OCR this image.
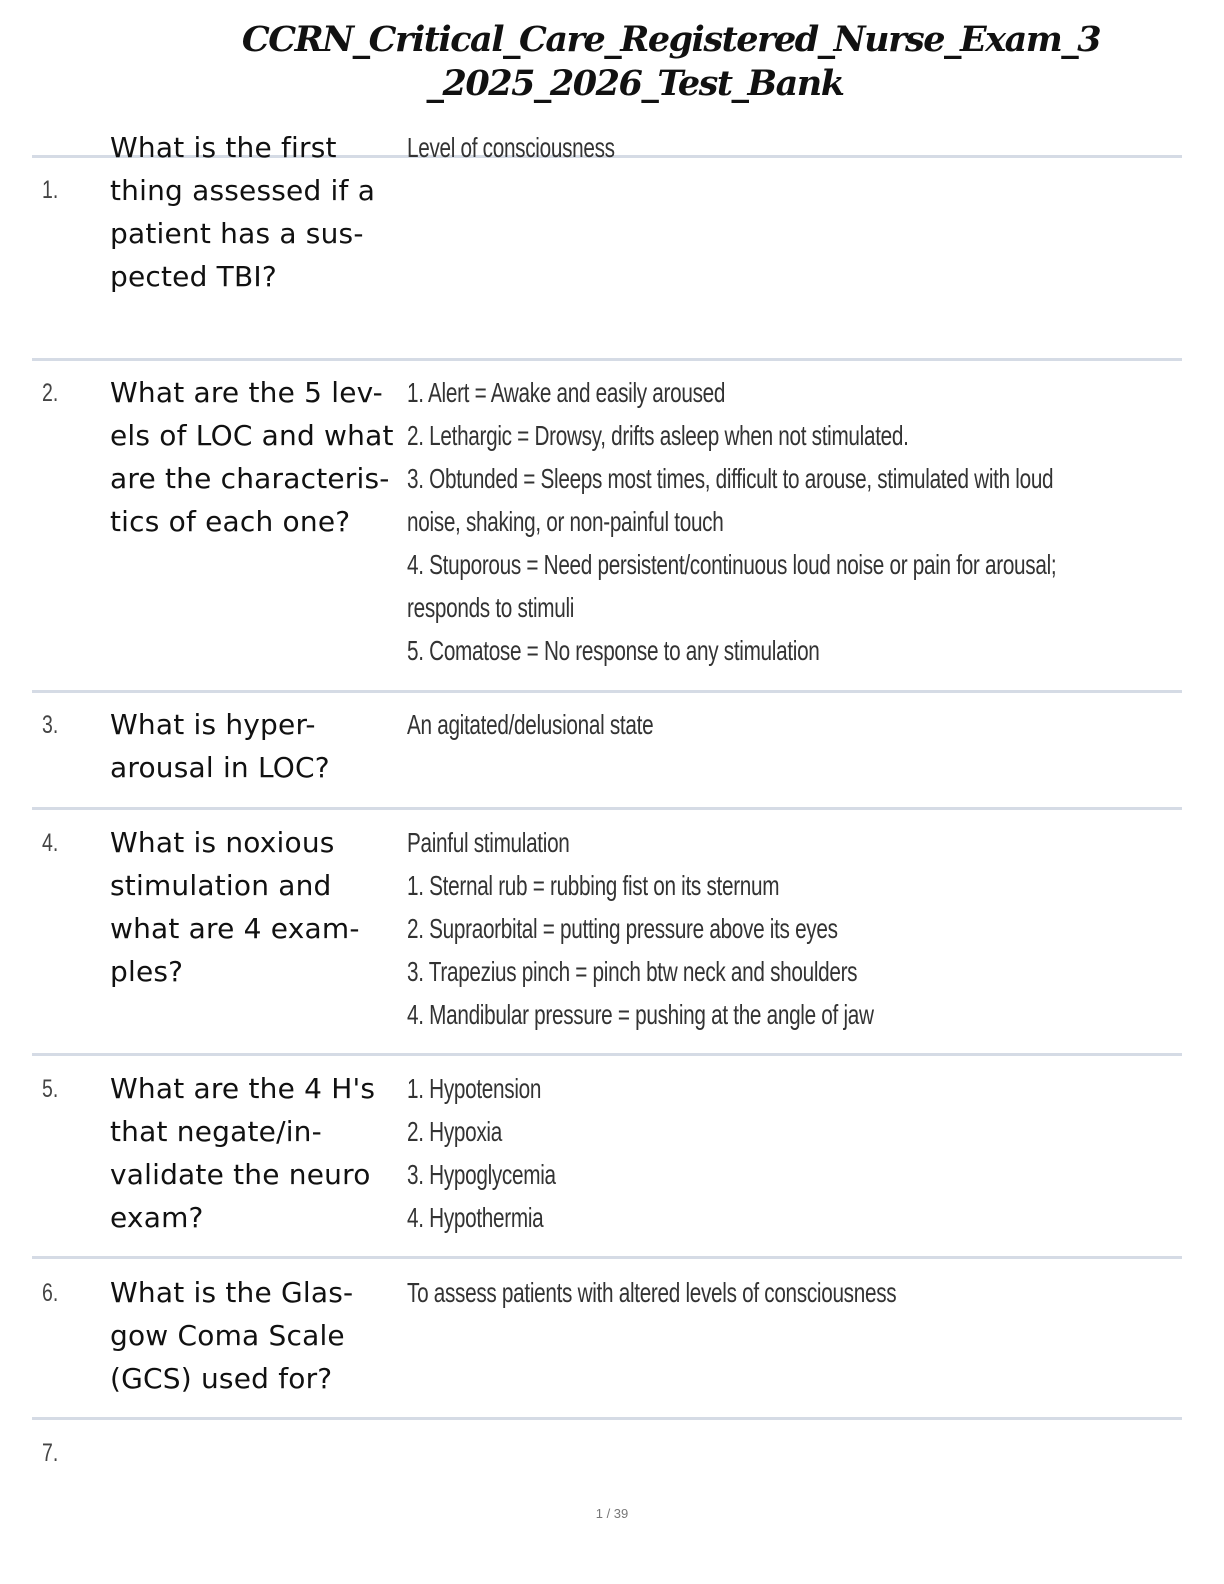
CCRN_Critical_Care_Registered_Nurse_Exam_3
_2025_2026_Test_Bank
1.
What is the first thing assessed if a patient has a sus-pected TBI?
Level of consciousness
2. What are the 5 lev-els of LOC and what are the characteris-tics of each one?
1. Alert = Awake and easily aroused
2. Lethargic = Drowsy, drifts asleep when not stimulated.
3. Obtunded = Sleeps most times, difficult to arouse, stimulated with loud
noise, shaking, or non-painful touch
4. Stuporous = Need persistent/continuous loud noise or pain for arousal;
responds to stimuli
5. Comatose = No response to any stimulation
3. What is hyper-arousal in LOC?
An agitated/delusional state
4. What is noxious stimulation and what are 4 exam-ples?
Painful stimulation
1. Sternal rub = rubbing fist on its sternum
2. Supraorbital = putting pressure above its eyes
3. Trapezius pinch = pinch btw neck and shoulders
4. Mandibular pressure = pushing at the angle of jaw
5. What are the 4 H's that negate/in-validate the neuro exam?
1. Hypotension
2. Hypoxia
3. Hypoglycemia
4. Hypothermia
6. What is the Glas-gow Coma Scale (GCS) used for?
To assess patients with altered levels of consciousness
7.
1 / 39
